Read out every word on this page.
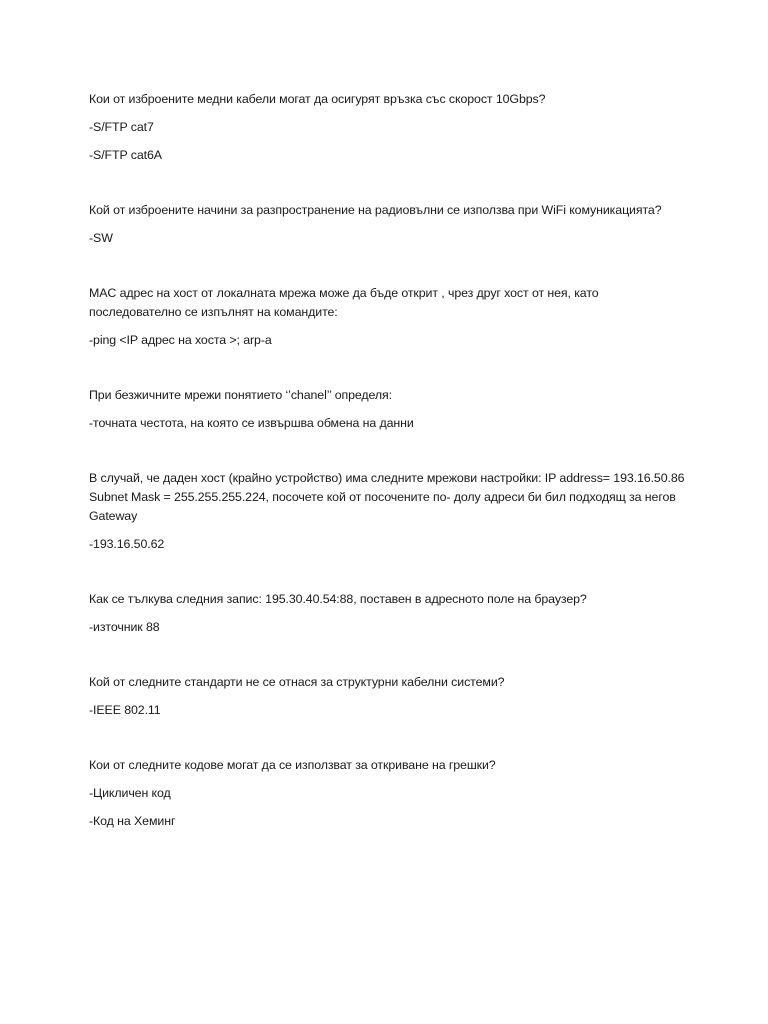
Кои от изброените медни кабели могат да осигурят връзка със скорост 10Gbps?

-S/FTP cat7

-S/FTP cat6A

Кой от изброените начини за разпространение на радиовълни се използва при WiFi комуникацията?

-SW

MAC адрес на хост от локалната мрежа може да бъде открит , чрез друг хост от нея, като последователно се изпълнят на командите:

-ping <IP адрес на хоста >; arp-a

При безжичните мрежи понятието ‘’chanel’’ определя:

-точната честота, на която се извършва обмена на данни

В случай, че даден хост (крайно устройство) има следните мрежови настройки: IP address= 193.16.50.86 Subnet Mask = 255.255.255.224, посочете кой от посочените по- долу адреси би бил подходящ за негов Gateway

-193.16.50.62

Как се тълкува следния запис: 195.30.40.54:88, поставен в адресното поле на браузер?

-източник 88

Кой от следните стандарти не се отнася за структурни кабелни системи?

-IEEE 802.11

Кои от следните кодове могат да се използват за откриване на грешки?

-Цикличен код

-Код на Хеминг
